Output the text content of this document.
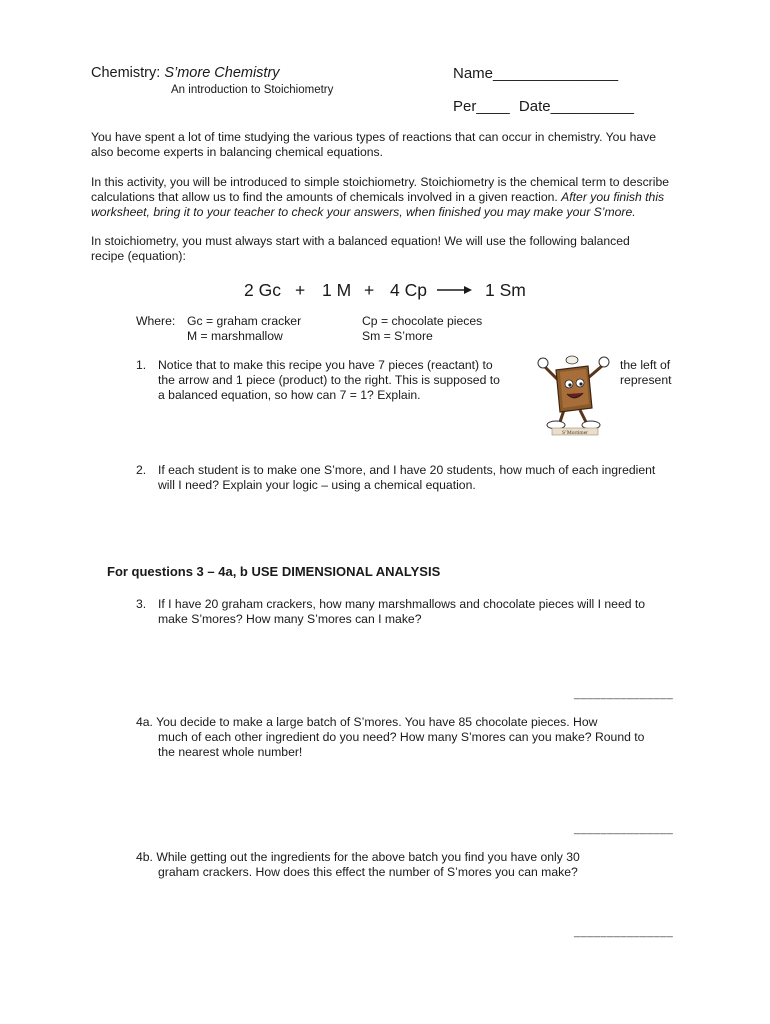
Chemistry: S’more Chemistry
An introduction to Stoichiometry
Name_______________
Per____ Date__________
You have spent a lot of time studying the various types of reactions that can occur in chemistry. You have
also become experts in balancing chemical equations.
In this activity, you will be introduced to simple stoichiometry. Stoichiometry is the chemical term to describe
calculations that allow us to find the amounts of chemicals involved in a given reaction. After you finish this
worksheet, bring it to your teacher to check your answers, when finished you may make your S’more.
In stoichiometry, you must always start with a balanced equation! We will use the following balanced
recipe (equation):
2 Gc + 1 M + 4 Cp → 1 Sm
Where: Gc = graham cracker
M = marshmallow
Cp = chocolate pieces
Sm = S’more
1. Notice that to make this recipe you have 7 pieces (reactant) to
the arrow and 1 piece (product) to the right. This is supposed to
a balanced equation, so how can 7 = 1? Explain.
the left of
represent
S’Mortimer
2. If each student is to make one S’more, and I have 20 students, how much of each ingredient
will I need? Explain your logic – using a chemical equation.
For questions 3 – 4a, b USE DIMENSIONAL ANALYSIS
3. If I have 20 graham crackers, how many marshmallows and chocolate pieces will I need to
make S’mores? How many S’mores can I make?
_______________
4a. You decide to make a large batch of S’mores. You have 85 chocolate pieces. How
much of each other ingredient do you need? How many S’mores can you make? Round to
the nearest whole number!
_______________
4b. While getting out the ingredients for the above batch you find you have only 30
graham crackers. How does this effect the number of S’mores you can make?
_______________
